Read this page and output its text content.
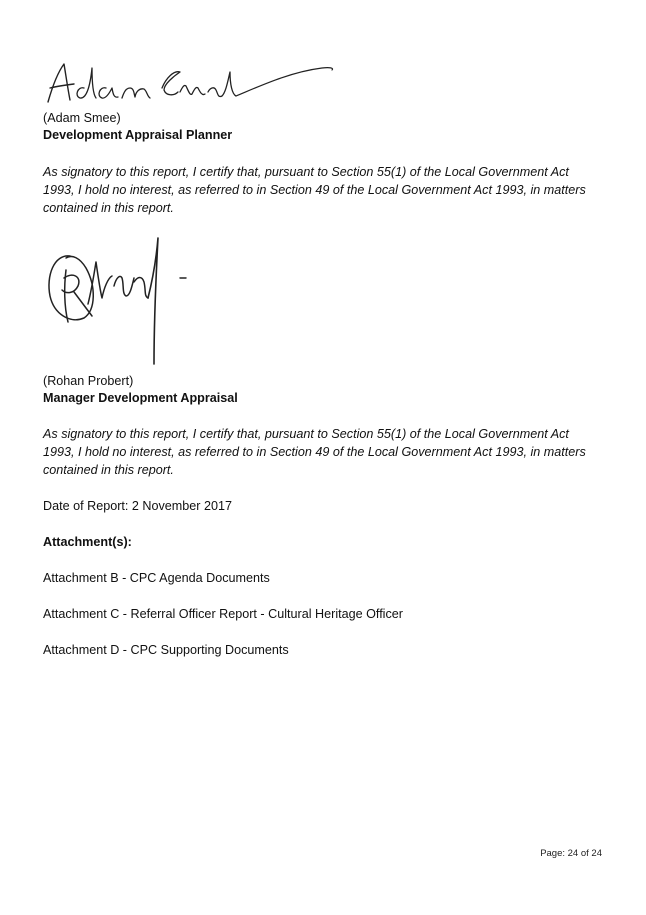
(Adam Smee)
Development Appraisal Planner
As signatory to this report, I certify that, pursuant to Section 55(1) of the Local Government Act
1993, I hold no interest, as referred to in Section 49 of the Local Government Act 1993, in matters
contained in this report.
(Rohan Probert)
Manager Development Appraisal
As signatory to this report, I certify that, pursuant to Section 55(1) of the Local Government Act
1993, I hold no interest, as referred to in Section 49 of the Local Government Act 1993, in matters
contained in this report.
Date of Report: 2 November 2017
Attachment(s):
Attachment B - CPC Agenda Documents
Attachment C - Referral Officer Report - Cultural Heritage Officer
Attachment D - CPC Supporting Documents
Page: 24 of 24
